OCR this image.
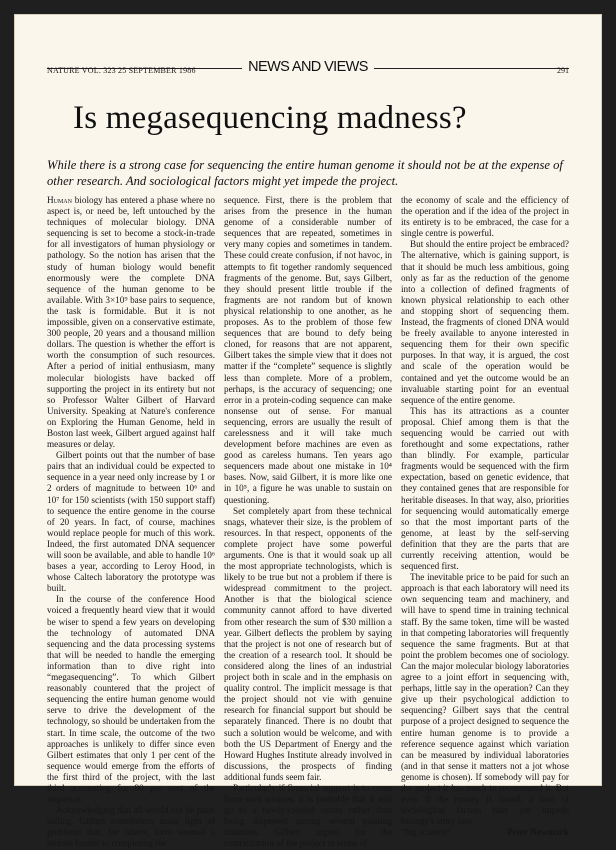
NATURE VOL. 323 25 SEPTEMBER 1986	NEWS AND VIEWS	291
Is megasequencing madness?

While there is a strong case for sequencing the entire human genome it should not be at the expense of other research. And sociological factors might yet impede the project.

Human biology has entered a phase where no aspect is, or need be, left untouched by the techniques of molecular biology. DNA sequencing is set to become a stock-in-trade for all investigators of human physiology or pathology. So the notion has arisen that the study of human biology would benefit enormously were the complete DNA sequence of the human genome to be available. With 3×10⁹ base pairs to sequence, the task is formidable. But it is not impossible, given on a conservative estimate, 300 people, 20 years and a thousand million dollars. The question is whether the effort is worth the consumption of such resources. After a period of initial enthusiasm, many molecular biologists have backed off supporting the project in its entirety but not so Professor Walter Gilbert of Harvard University. Speaking at Nature's conference on Exploring the Human Genome, held in Boston last week, Gilbert argued against half measures or delay.

Gilbert points out that the number of base pairs that an individual could be expected to sequence in a year need only increase by 1 or 2 orders of magnitude to between 10⁶ and 10⁷ for 150 scientists (with 150 support staff) to sequence the entire genome in the course of 20 years. In fact, of course, machines would replace people for much of this work. Indeed, the first automated DNA sequencer will soon be available, and able to handle 10⁶ bases a year, according to Leroy Hood, in whose Caltech laboratory the prototype was built.

In the course of the conference Hood voiced a frequently heard view that it would be wiser to spend a few years on developing the technology of automated DNA sequencing and the data processing systems that will be needed to handle the emerging information than to dive right into “megasequencing”. To which Gilbert reasonably countered that the project of sequencing the entire human genome would serve to drive the development of the technology, so should be undertaken from the start. In time scale, the outcome of the two approaches is unlikely to differ since even Gilbert estimates that only 1 per cent of the sequence would emerge from the efforts of the first third of the project, with the last third accounting for 90 per cent of the sequence.

Acknowledging that all would not be plain sailing, Gilbert nonetheless made light of problems that, for others, have seemed a serious barrier to completing the

sequence. First, there is the problem that arises from the presence in the human genome of a considerable number of sequences that are repeated, sometimes in very many copies and sometimes in tandem. These could create confusion, if not havoc, in attempts to fit together randomly sequenced fragments of the genome. But, says Gilbert, they should present little trouble if the fragments are not random but of known physical relationship to one another, as he proposes. As to the problem of those few sequences that are bound to defy being cloned, for reasons that are not apparent, Gilbert takes the simple view that it does not matter if the “complete” sequence is slightly less than complete. More of a problem, perhaps, is the accuracy of sequencing; one error in a protein-coding sequence can make nonsense out of sense. For manual sequencing, errors are usually the result of carelessness and it will take much development before machines are even as good as careless humans. Ten years ago sequencers made about one mistake in 10⁴ bases. Now, said Gilbert, it is more like one in 10⁵, a figure he was unable to sustain on questioning.

Set completely apart from these technical snags, whatever their size, is the problem of resources. In that respect, opponents of the complete project have some powerful arguments. One is that it would soak up all the most appropriate technologists, which is likely to be true but not a problem if there is widespread commitment to the project. Another is that the biological science community cannot afford to have diverted from other research the sum of $30 million a year. Gilbert deflects the problem by saying that the project is not one of research but of the creation of a research tool. It should be considered along the lines of an industrial project both in scale and in the emphasis on quality control. The implicit message is that the project should not vie with genuine research for financial support but should be separately financed. There is no doubt that such a solution would be welcome, and with both the US Department of Energy and the Howard Hughes Institute already involved in discussions, the prospects of finding additional funds seem fair.

Particularly if financial support is to come from such sources, it is probable that it will go to a newly-created centre rather than being dispersed among several existing institutes. Gilbert argues for the centralization of the project in terms of

the economy of scale and the efficiency of the operation and if the idea of the project in its entirety is to be embraced, the case for a single centre is powerful.

But should the entire project be embraced? The alternative, which is gaining support, is that it should be much less ambitious, going only as far as the reduction of the genome into a collection of defined fragments of known physical relationship to each other and stopping short of sequencing them. Instead, the fragments of cloned DNA would be freely available to anyone interested in sequencing them for their own specific purposes. In that way, it is argued, the cost and scale of the operation would be contained and yet the outcome would be an invaluable starting point for an eventual sequence of the entire genome.

This has its attractions as a counter proposal. Chief among them is that the sequencing would be carried out with forethought and some expectations, rather than blindly. For example, particular fragments would be sequenced with the firm expectation, based on genetic evidence, that they contained genes that are responsible for heritable diseases. In that way, also, priorities for sequencing would automatically emerge so that the most important parts of the genome, at least by the self-serving definition that they are the parts that are currently receiving attention, would be sequenced first.

The inevitable price to be paid for such an approach is that each laboratory will need its own sequencing team and machinery, and will have to spend time in training technical staff. By the same token, time will be wasted in that competing laboratories will frequently sequence the same fragments. But at that point the problem becomes one of sociology. Can the major molecular biology laboratories agree to a joint effort in sequencing with, perhaps, little say in the operation? Can they give up their psychological addiction to sequencing? Gilbert says that the central purpose of a project designed to sequence the entire human genome is to provide a reference sequence against which variation can be measured by individual laboratories (and in that sense it matters not a jot whose genome is chosen). If somebody will pay for the project it has much to recommend it. But even if the money is found, a host of sociological factors may yet impede biology's entry into

“big science”.	Peter Newmark
